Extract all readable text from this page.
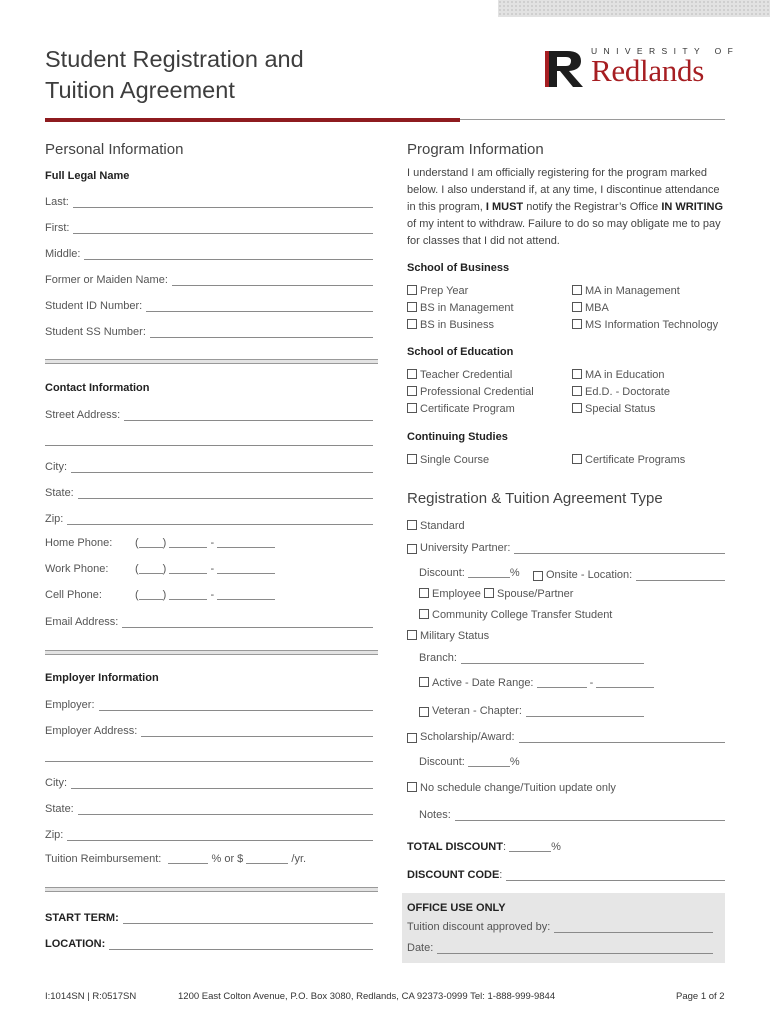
Student Registration and
Tuition Agreement
UNIVERSITY OF
Redlands
Personal Information
Full Legal Name
Last:
First:
Middle:
Former or Maiden Name:
Student ID Number:
Student SS Number:
Contact Information
Street Address:
City:
State:
Zip:
Home Phone: ( )	-
Work Phone: ( )	-
Cell Phone:	( )	-
Email Address:
Employer Information
Employer:
Employer Address:
City:
State:
Zip:
Tuition Reimbursement:	% or $	/yr.
START TERM:
LOCATION:
Program Information
I understand I am officially registering for the program marked below. I also understand if, at any time, I discontinue attendance in this program, I MUST notify the Registrar’s Office IN WRITING of my intent to withdraw. Failure to do so may obligate me to pay for classes that I did not attend.
School of Business
Prep Year
BS in Management
BS in Business
MA in Management
MBA
MS Information Technology
School of Education
Teacher Credential
Professional Credential
Certificate Program
MA in Education
Ed.D. - Doctorate
Special Status
Continuing Studies
Single Course	Certificate Programs
Registration & Tuition Agreement Type
Standard
University Partner:
Discount:	% Onsite - Location:
Employee	Spouse/Partner
Community College Transfer Student
Military Status
Branch:
Active - Date Range:	-
Veteran - Chapter:
Scholarship/Award:
Discount:	%
No schedule change/Tuition update only
Notes:
TOTAL DISCOUNT:	%
DISCOUNT CODE :
OFFICE USE ONLY
Tuition discount approved by:
Date:
I:1014SN | R:0517SN	1200 East Colton Avenue, P.O. Box 3080, Redlands, CA 92373-0999 Tel: 1-888-999-9844	Page 1 of 2
